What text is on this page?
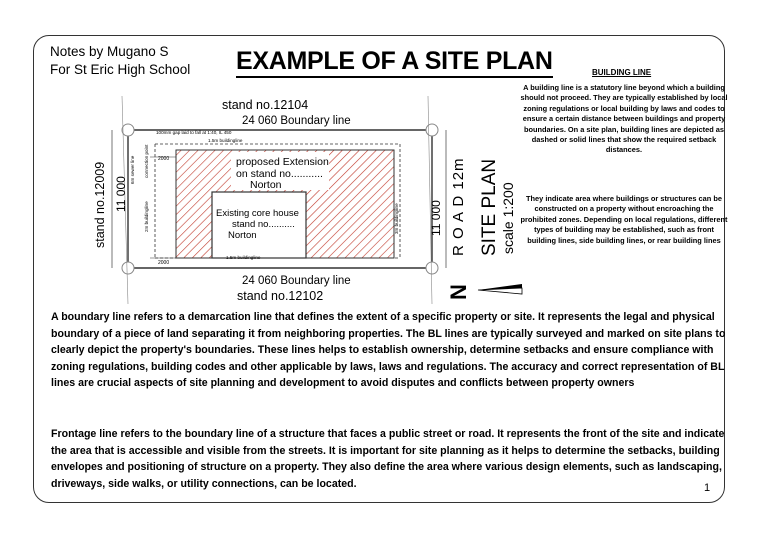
Notes by Mugano S
For St Eric High School EXAMPLE OF A SITE PLAN	BUILDING LINE
A building line is a statutory line beyond which a building should not proceed. They are typically established by local zoning regulations or local building by laws and codes to ensure a certain distance between buildings and property boundaries. On a site plan, building lines are depicted as dashed or solid lines that show the required setback distances.
They indicate area where buildings or structures can be constructed on a property without encroaching the prohibited zones. Depending on local regulations, different types of building may be established, such as front building lines, side building lines, or rear building lines
stand no.12104
24 060 Boundary line
100mm gap laid to fall at 1:40, IL 450
1.5m buildingline
2000
2000
1.5m buildingline
stand no.12009 11 000
6m sewer line connection point
2m buildingline	3m buildingline
proposed Extension
on stand no...........
Norton
Existing core house
stand no..........
Norton	11 000 R O A D 12m SITE PLAN scale 1:200
N
24 060 Boundary line
stand no.12102
A boundary line refers to a demarcation line that defines the extent of a specific property or site. It represents the legal and physical boundary of a piece of land separating it from neighboring properties. The BL lines are typically surveyed and marked on site plans to clearly depict the property's boundaries. These lines helps to establish ownership, determine setbacks and ensure compliance with zoning regulations, building codes and other applicable by laws, laws and regulations. The accuracy and correct representation of BL lines are crucial aspects of site planning and development to avoid disputes and conflicts between property owners
Frontage line refers to the boundary line of a structure that faces a public street or road. It represents the front of the site and indicate the area that is accessible and visible from the streets. It is important for site planning as it helps to determine the setbacks, building envelopes and positioning of structure on a property. They also define the area where various design elements, such as landscaping, driveways, side walks, or utility connections, can be located.	1
